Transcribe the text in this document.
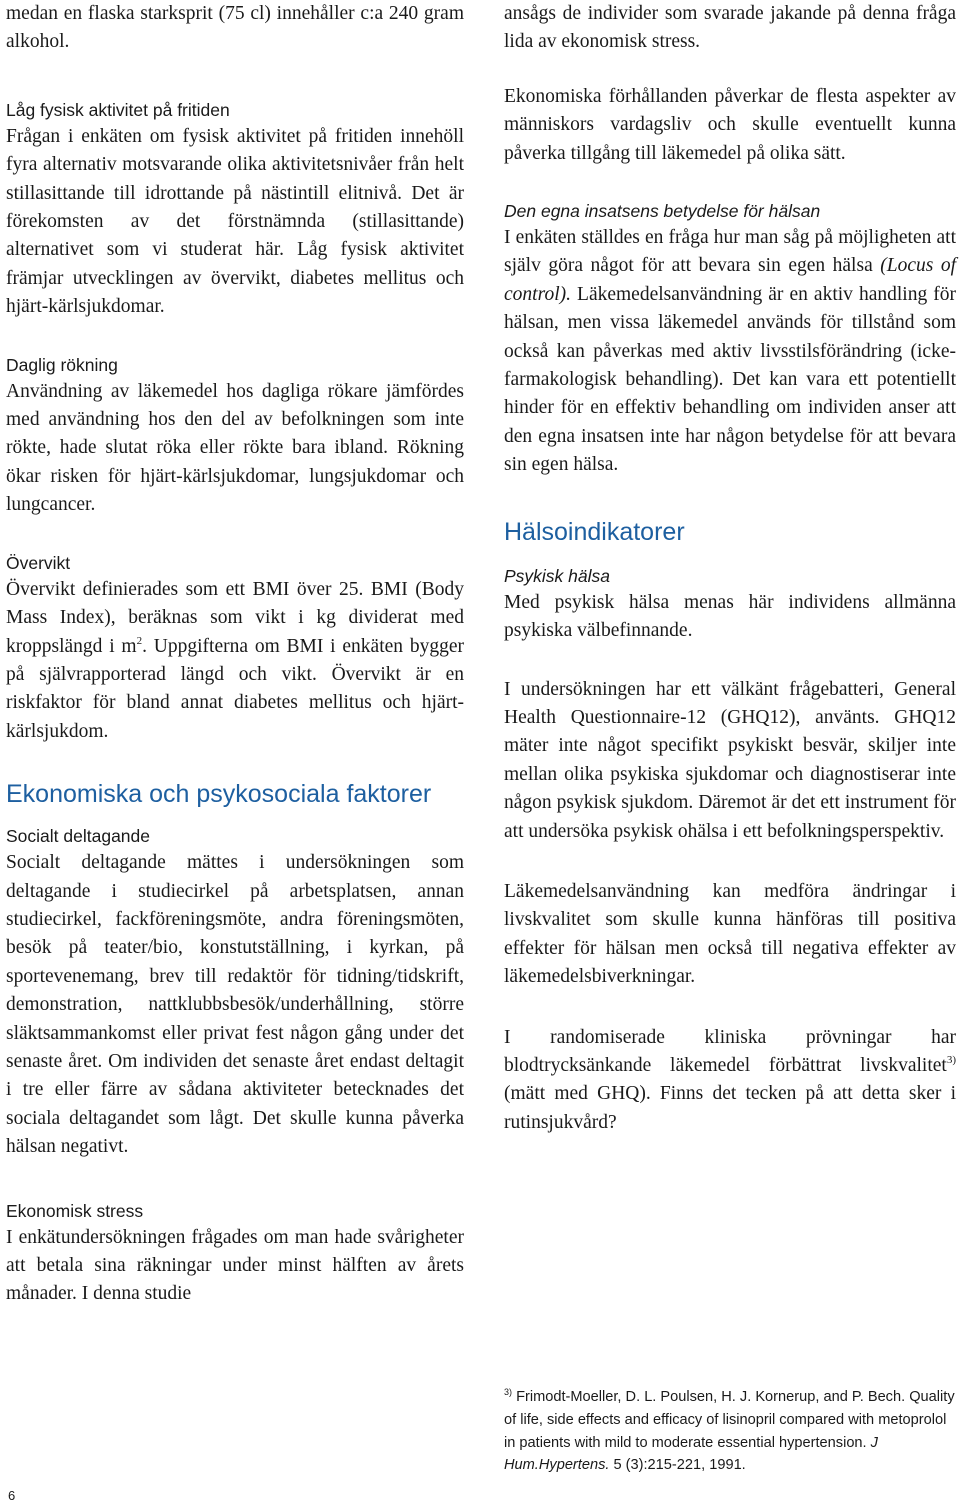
medan en flaska starksprit (75 cl) innehåller c:a 240 gram alkohol.

Låg fysisk aktivitet på fritiden

Frågan i enkäten om fysisk aktivitet på fritiden innehöll fyra alternativ motsvarande olika aktivitetsnivåer från helt stillasittande till idrottande på nästintill elitnivå. Det är förekomsten av det förstnämnda (stillasittande) alternativet som vi studerat här. Låg fysisk aktivitet främjar utvecklingen av övervikt, diabetes mellitus och hjärt-kärlsjukdomar.

Daglig rökning

Användning av läkemedel hos dagliga rökare jämfördes med användning hos den del av befolkningen som inte rökte, hade slutat röka eller rökte bara ibland. Rökning ökar risken för hjärt-kärlsjukdomar, lungsjukdomar och lungcancer.

Övervikt

Övervikt definierades som ett BMI över 25. BMI (Body Mass Index), beräknas som vikt i kg dividerat med kroppslängd i $m^2$. Uppgifterna om BMI i enkäten bygger på självrapporterad längd och vikt. Övervikt är en riskfaktor för bland annat diabetes mellitus och hjärt-kärlsjukdom.

Ekonomiska och psykosociala faktorer
Socialt deltagande

Socialt deltagande mättes i undersökningen som deltagande i studiecirkel på arbetsplatsen, annan studiecirkel, fackföreningsmöte, andra föreningsmöten, besök på teater/bio, konstutställning, i kyrkan, på sportevenemang, brev till redaktör för tidning/tidskrift, demonstration, nattklubbsbesök/underhållning, större släktsammankomst eller privat fest någon gång under det senaste året. Om individen det senaste året endast deltagit i tre eller färre av sådana aktiviteter betecknades det sociala deltagandet som lågt. Det skulle kunna påverka hälsan negativt.

Ekonomisk stress

I enkätundersökningen frågades om man hade svårigheter att betala sina räkningar under minst hälften av årets månader. I denna studie

ansågs de individer som svarade jakande på denna fråga lida av ekonomisk stress.

Ekonomiska förhållanden påverkar de flesta aspekter av människors vardagsliv och skulle eventuellt kunna påverka tillgång till läkemedel på olika sätt.

Den egna insatsens betydelse för hälsan

I enkäten ställdes en fråga hur man såg på möjligheten att själv göra något för att bevara sin egen hälsa (Locus of control). Läkemedelsanvändning är en aktiv handling för hälsan, men vissa läkemedel används för tillstånd som också kan påverkas med aktiv livsstilsförändring (icke-farmakologisk behandling). Det kan vara ett potentiellt hinder för en effektiv behandling om individen anser att den egna insatsen inte har någon betydelse för att bevara sin egen hälsa.

Hälsoindikatorer
Psykisk hälsa

Med psykisk hälsa menas här individens allmänna psykiska välbefinnande.

I undersökningen har ett välkänt frågebatteri, General Health Questionnaire-12 (GHQ12), använts. GHQ12 mäter inte något specifikt psykiskt besvär, skiljer inte mellan olika psykiska sjukdomar och diagnostiserar inte någon psykisk sjukdom. Däremot är det ett instrument för att undersöka psykisk ohälsa i ett befolkningsperspektiv.

Läkemedelsanvändning kan medföra ändringar i livskvalitet som skulle kunna hänföras till positiva effekter för hälsan men också till negativa effekter av läkemedelsbiverkningar.

I randomiserade kliniska prövningar har blodtrycksänkande läkemedel förbättrat livskvalitet$^{3)}$ (mätt med GHQ). Finns det tecken på att detta sker i rutinsjukvård?

$^{3)}$ Frimodt-Moeller, D. L. Poulsen, H. J. Kornerup, and P. Bech. Quality of life, side effects and efficacy of lisinopril compared with metoprolol in patients with mild to moderate essential hypertension. J Hum.Hypertens. 5 (3):215-221, 1991.
6
